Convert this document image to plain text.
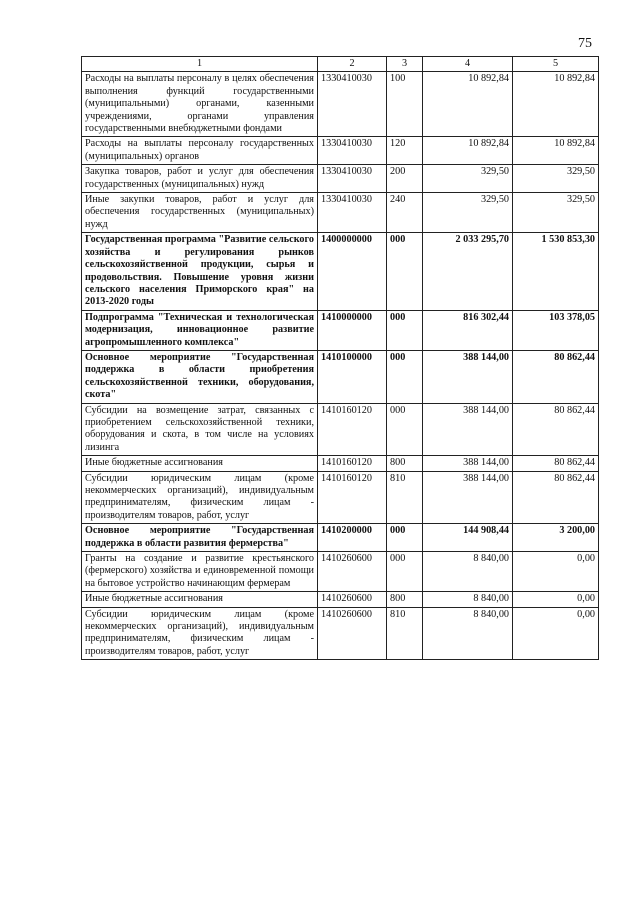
75
1	2	3	4	5
Расходы на выплаты персоналу в целях обеспечения выполнения функций государственными (муниципальными) органами, казенными учреждениями, органами управления государственными внебюджетными фондами	1330410030	100	10 892,84	10 892,84
Расходы на выплаты персоналу государственных (муниципальных) органов	1330410030	120	10 892,84	10 892,84
Закупка товаров, работ и услуг для обеспечения государственных (муниципальных) нужд	1330410030	200	329,50	329,50
Иные закупки товаров, работ и услуг для обеспечения государственных (муниципальных) нужд	1330410030	240	329,50	329,50
Государственная программа "Развитие сельского хозяйства и регулирования рынков сельскохозяйственной продукции, сырья и продовольствия. Повышение уровня жизни сельского населения Приморского края" на 2013-2020 годы	1400000000	000	2 033 295,70	1 530 853,30
Подпрограмма "Техническая и технологическая модернизация, инновационное развитие агропромышленного комплекса"	1410000000	000	816 302,44	103 378,05
Основное мероприятие "Государственная поддержка в области приобретения сельскохозяйственной техники, оборудования, скота"	1410100000	000	388 144,00	80 862,44
Субсидии на возмещение затрат, связанных с приобретением сельскохозяйственной техники, оборудования и скота, в том числе на условиях лизинга	1410160120	000	388 144,00	80 862,44
Иные бюджетные ассигнования	1410160120	800	388 144,00	80 862,44
Субсидии юридическим лицам (кроме некоммерческих организаций), индивидуальным предпринимателям, физическим лицам - производителям товаров, работ, услуг	1410160120	810	388 144,00	80 862,44
Основное мероприятие "Государственная поддержка в области развития фермерства"	1410200000	000	144 908,44	3 200,00
Гранты на создание и развитие крестьянского (фермерского) хозяйства и единовременной помощи на бытовое устройство начинающим фермерам	1410260600	000	8 840,00	0,00
Иные бюджетные ассигнования	1410260600	800	8 840,00	0,00
Субсидии юридическим лицам (кроме некоммерческих организаций), индивидуальным предпринимателям, физическим лицам - производителям товаров, работ, услуг	1410260600	810	8 840,00	0,00
